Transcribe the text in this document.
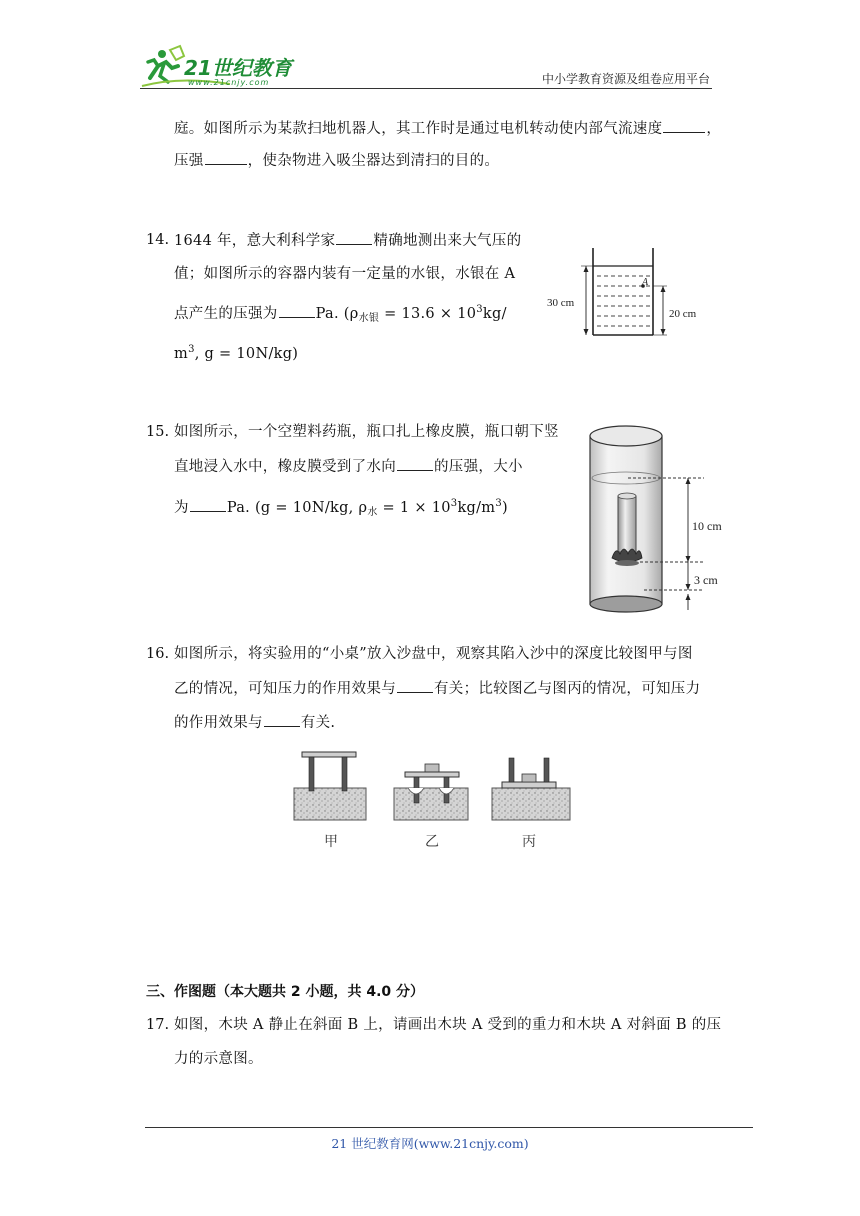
21世纪教育
www.21cnjy.com	中小学教育资源及组卷应用平台
庭。如图所示为某款扫地机器人，其工作时是通过电机转动使内部气流速度	，
压强	，使杂物进入吸尘器达到清扫的目的。
14. 1644 年，意大利科学家	精确地测出来大气压的
值；如图所示的容器内装有一定量的水银，水银在 A
点产生的压强为	Pa. ($\rho_{水银} = 13.6 \times 10^3kg/$
$m^3$, g = 10N/kg)
A
30 cm
20 cm
15. 如图所示，一个空塑料药瓶，瓶口扎上橡皮膜，瓶口朝下竖
直地浸入水中，橡皮膜受到了水向	的压强，大小
为	Pa. (g = 10N/kg, $\rho_水 = 1 \times 10^3kg/m^3$)
10 cm
3 cm
16. 如图所示，将实验用的“小桌”放入沙盘中，观察其陷入沙中的深度比较图甲与图
乙的情况，可知压力的作用效果与	有关；比较图乙与图丙的情况，可知压力
的作用效果与	有关.
甲	乙	丙
三、作图题（本大题共 2 小题，共 4.0 分）
17. 如图，木块 A 静止在斜面 B 上，请画出木块 A 受到的重力和木块 A 对斜面 B 的压
力的示意图。
21 世纪教育网(www.21cnjy.com)
